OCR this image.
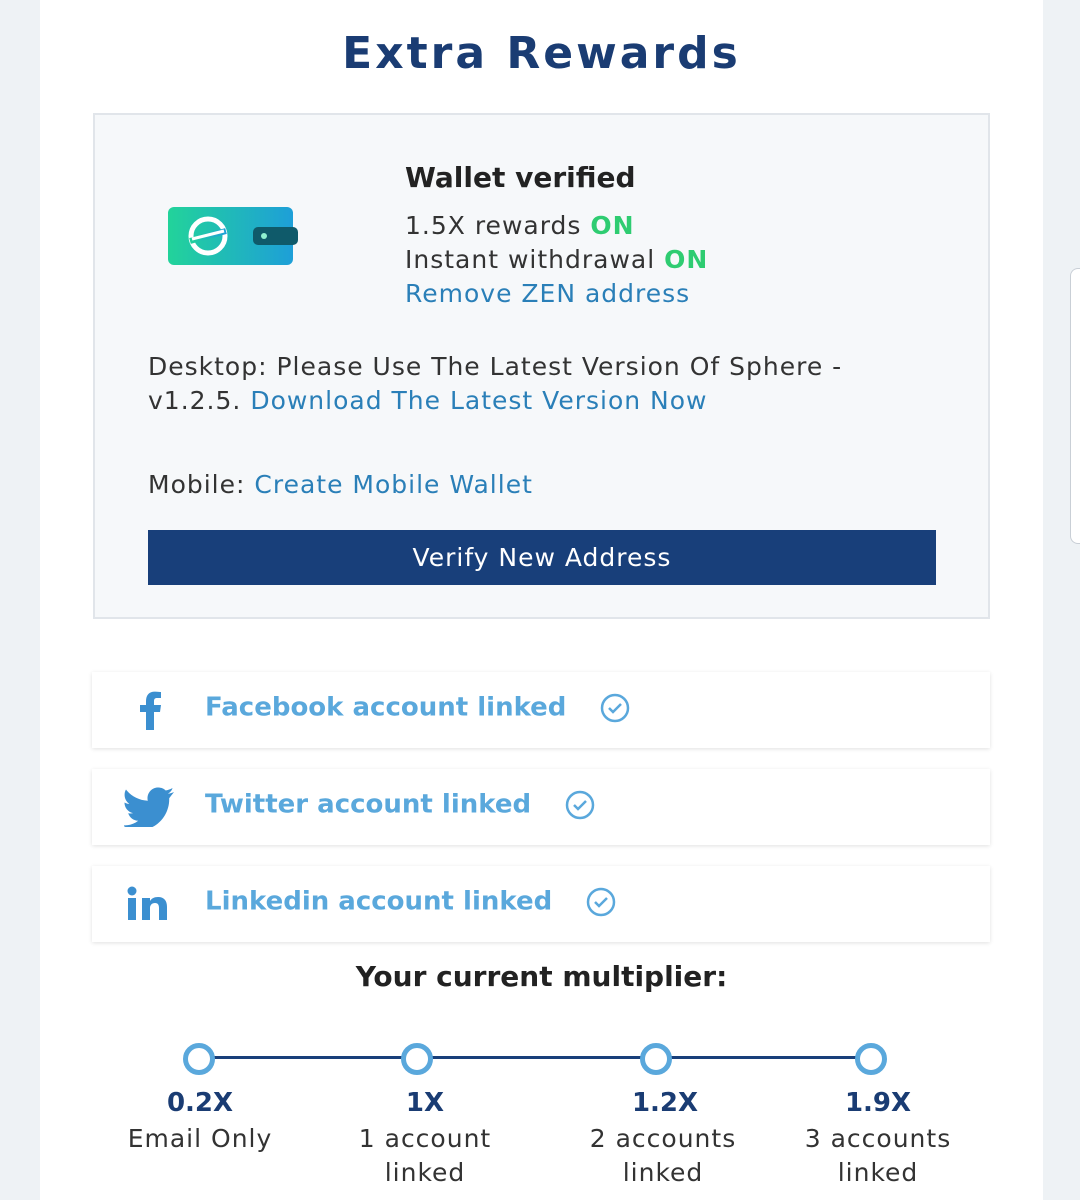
Extra Rewards
Wallet verified
1.5X rewards ON
Instant withdrawal ON
Remove ZEN address
Desktop: Please Use The Latest Version Of Sphere - v1.2.5. Download The Latest Version Now
Mobile: Create Mobile Wallet
Verify New Address
Facebook account linked
Twitter account linked
Linkedin account linked
Your current multiplier:
0.2X	1X	1.2X	1.9X
Email Only	1 account linked
2 accounts linked
3 accounts linked
